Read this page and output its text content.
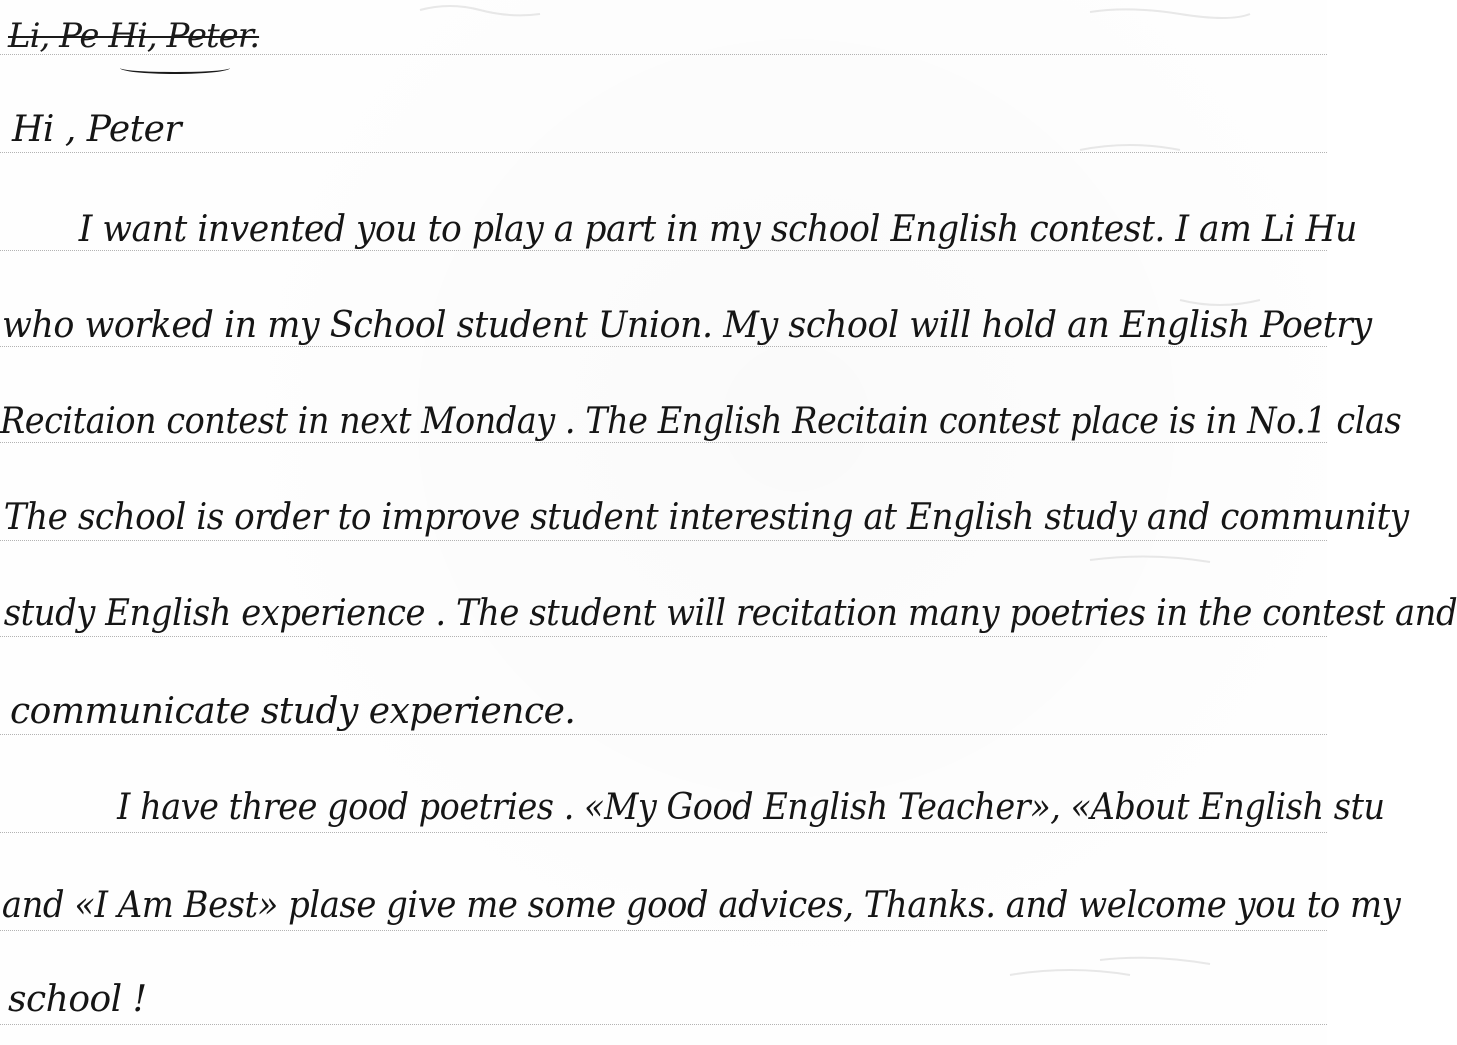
Li, Pe Hi, Peter.
Hi , Peter
I want invented you to play a part in my school English contest. I am Li Hu
who worked in my School student Union. My school will hold an English Poetry
Recitaion contest in next Monday . The English Recitain contest place is in No.1 clas
The school is order to improve student interesting at English study and community
study English experience . The student will recitation many poetries in the contest and
communicate study experience.
I have three good poetries . «My Good English Teacher», «About English stu
and «I Am Best» plase give me some good advices, Thanks. and welcome you to my
school !
